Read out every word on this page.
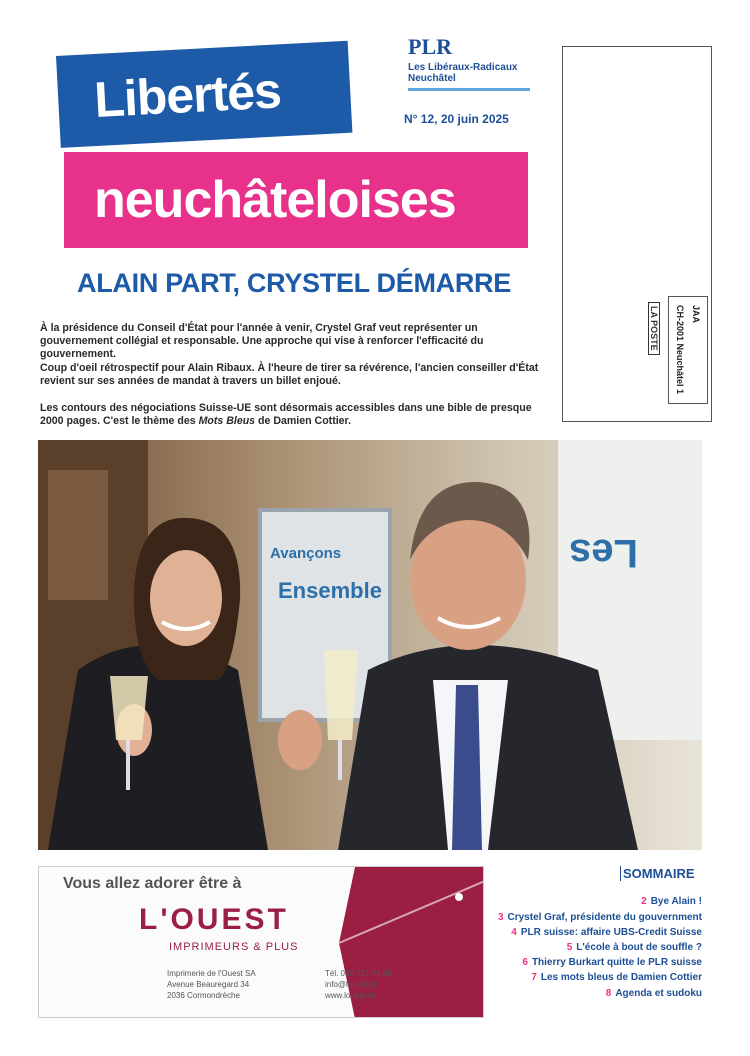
Libertés
neuchâteloises
PLR
Les Libéraux-Radicaux
Neuchâtel
N° 12, 20 juin 2025
JAA
CH-2001 Neuchâtel 1
LA POSTE
ALAIN PART, CRYSTEL DÉMARRE
À la présidence du Conseil d'État pour l'année à venir, Crystel Graf veut représenter un gouvernement collégial et responsable. Une approche qui vise à renforcer l'efficacité du gouvernement.
Coup d'oeil rétrospectif pour Alain Ribaux. À l'heure de tirer sa révérence, l'ancien conseiller d'État revient sur ses années de mandat à travers un billet enjoué.
Les contours des négociations Suisse-UE sont désormais accessibles dans une bible de presque 2000 pages. C'est le thème des Mots Bleus de Damien Cottier.
Avançons
Ensemble
Les
Vous allez adorer être à
L'OUEST
IMPRIMEURS & PLUS
Imprimerie de l'Ouest SA
Avenue Beauregard 34
2036 Cormondrèche
Tél. 032 731 75 85
info@louest.ch
www.louest.ch
SOMMAIRE
2 Bye Alain !
3 Crystel Graf, présidente du gouvernment
4 PLR suisse: affaire UBS-Credit Suisse
5 L'école à bout de souffle ?
6 Thierry Burkart quitte le PLR suisse
7 Les mots bleus de Damien Cottier
8 Agenda et sudoku
